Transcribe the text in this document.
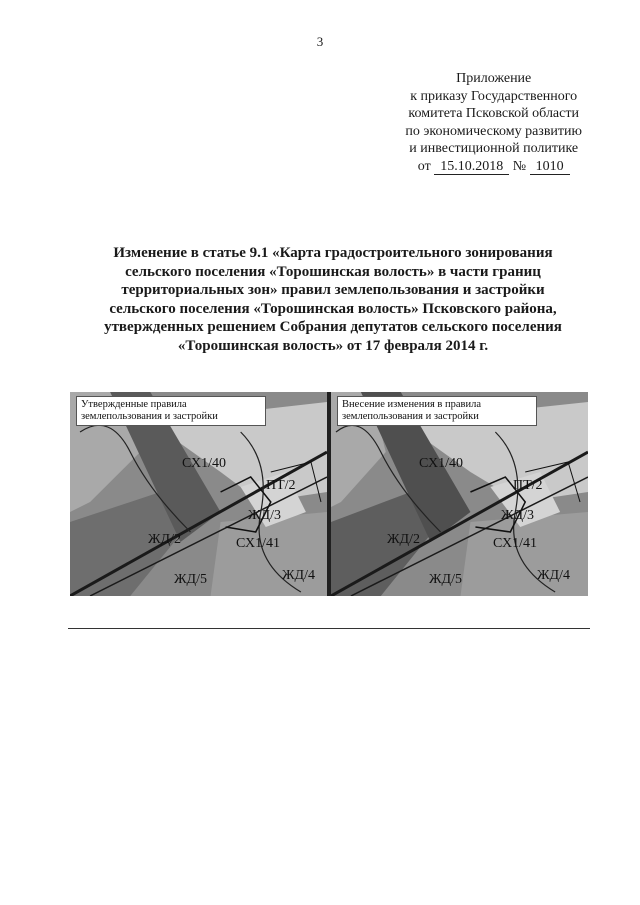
3
Приложение
к приказу Государственного
комитета Псковской области
по экономическому развитию
и инвестиционной политике
от 15.10.2018 № 1010
Изменение в статье 9.1 «Карта градостроительного зонирования сельского поселения «Торошинская волость» в части границ территориальных зон» правил землепользования и застройки сельского поселения «Торошинская волость» Псковского района, утвержденных решением Собрания депутатов сельского поселения «Торошинская волость» от 17 февраля 2014 г.
Утвержденные правила землепользования и застройки
СХ1/40
ПТ/2
ЖД/3
ЖД/2	СХ1/41
ЖД/5	ЖД/4
Внесение изменения в правила землепользования и застройки
СХ1/40
ПТ/2
ЖД/3
ЖД/2	СХ1/41
ЖД/5	ЖД/4
